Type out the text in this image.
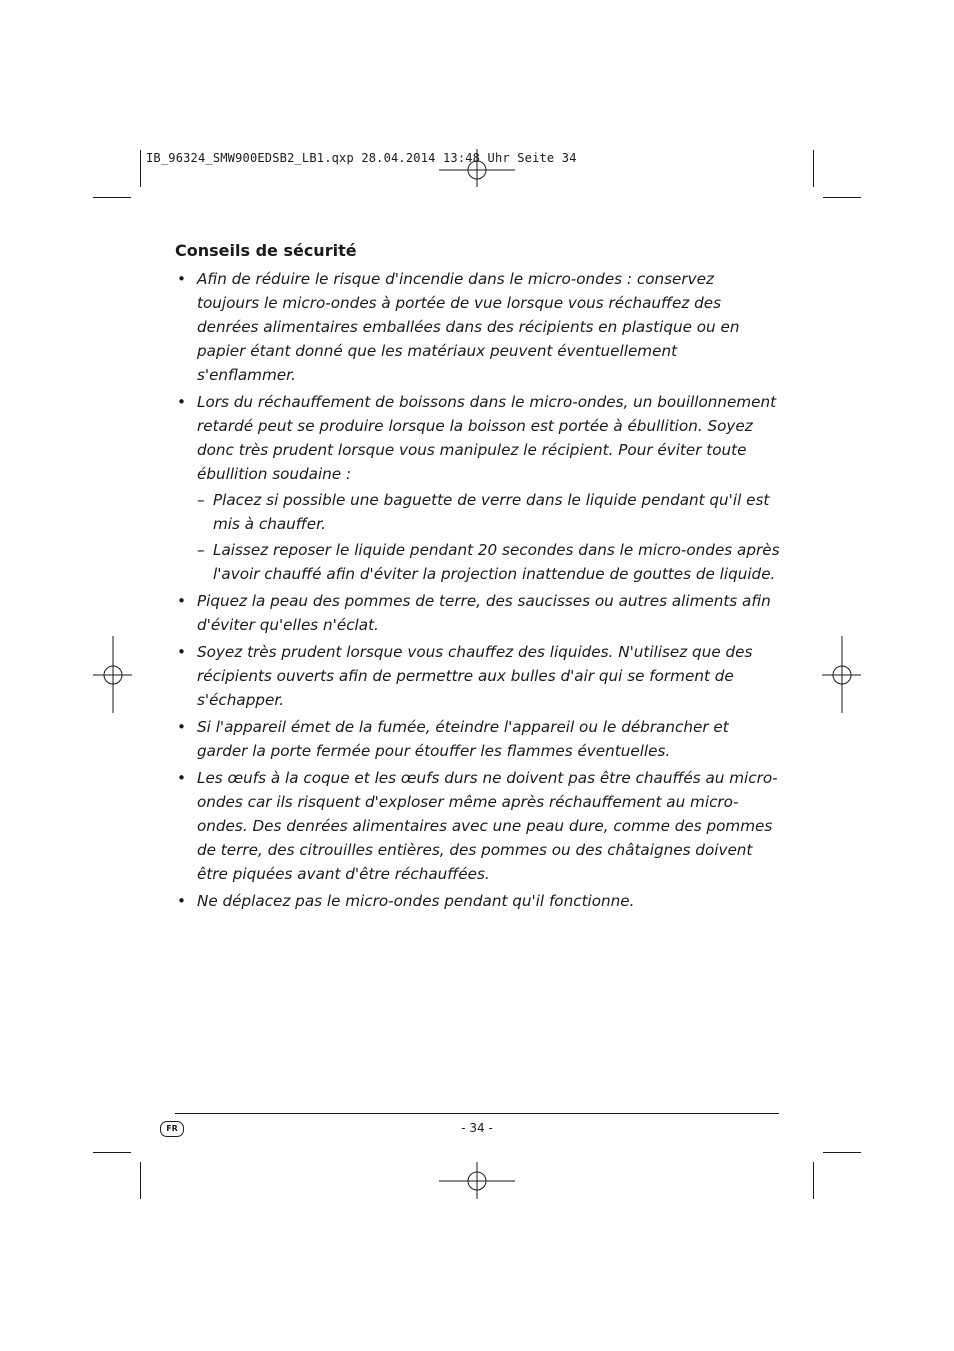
IB_96324_SMW900EDSB2_LB1.qxp 28.04.2014 13:48 Uhr Seite 34
Conseils de sécurité
• Afin de réduire le risque d'incendie dans le micro-ondes : conservez toujours le micro-ondes à portée de vue lorsque vous réchauffez des denrées alimentaires emballées dans des récipients en plastique ou en papier étant donné que les matériaux peuvent éventuellement s'enflammer.
• Lors du réchauffement de boissons dans le micro-ondes, un bouillonnement retardé peut se produire lorsque la boisson est portée à ébullition. Soyez donc très prudent lorsque vous manipulez le récipient. Pour éviter toute ébullition soudaine :
– Placez si possible une baguette de verre dans le liquide pendant qu'il est mis à chauffer.
– Laissez reposer le liquide pendant 20 secondes dans le micro-ondes après l'avoir chauffé afin d'éviter la projection inattendue de gouttes de liquide.
• Piquez la peau des pommes de terre, des saucisses ou autres aliments afin d'éviter qu'elles n'éclat.
• Soyez très prudent lorsque vous chauffez des liquides. N'utilisez que des récipients ouverts afin de permettre aux bulles d'air qui se forment de s'échapper.
• Si l'appareil émet de la fumée, éteindre l'appareil ou le débrancher et garder la porte fermée pour étouffer les flammes éventuelles.
• Les œufs à la coque et les œufs durs ne doivent pas être chauffés au micro-ondes car ils risquent d'exploser même après réchauffement au micro-ondes. Des denrées alimentaires avec une peau dure, comme des pommes de terre, des citrouilles entières, des pommes ou des châtaignes doivent être piquées avant d'être réchauffées.
• Ne déplacez pas le micro-ondes pendant qu'il fonctionne.
FR	- 34 -
